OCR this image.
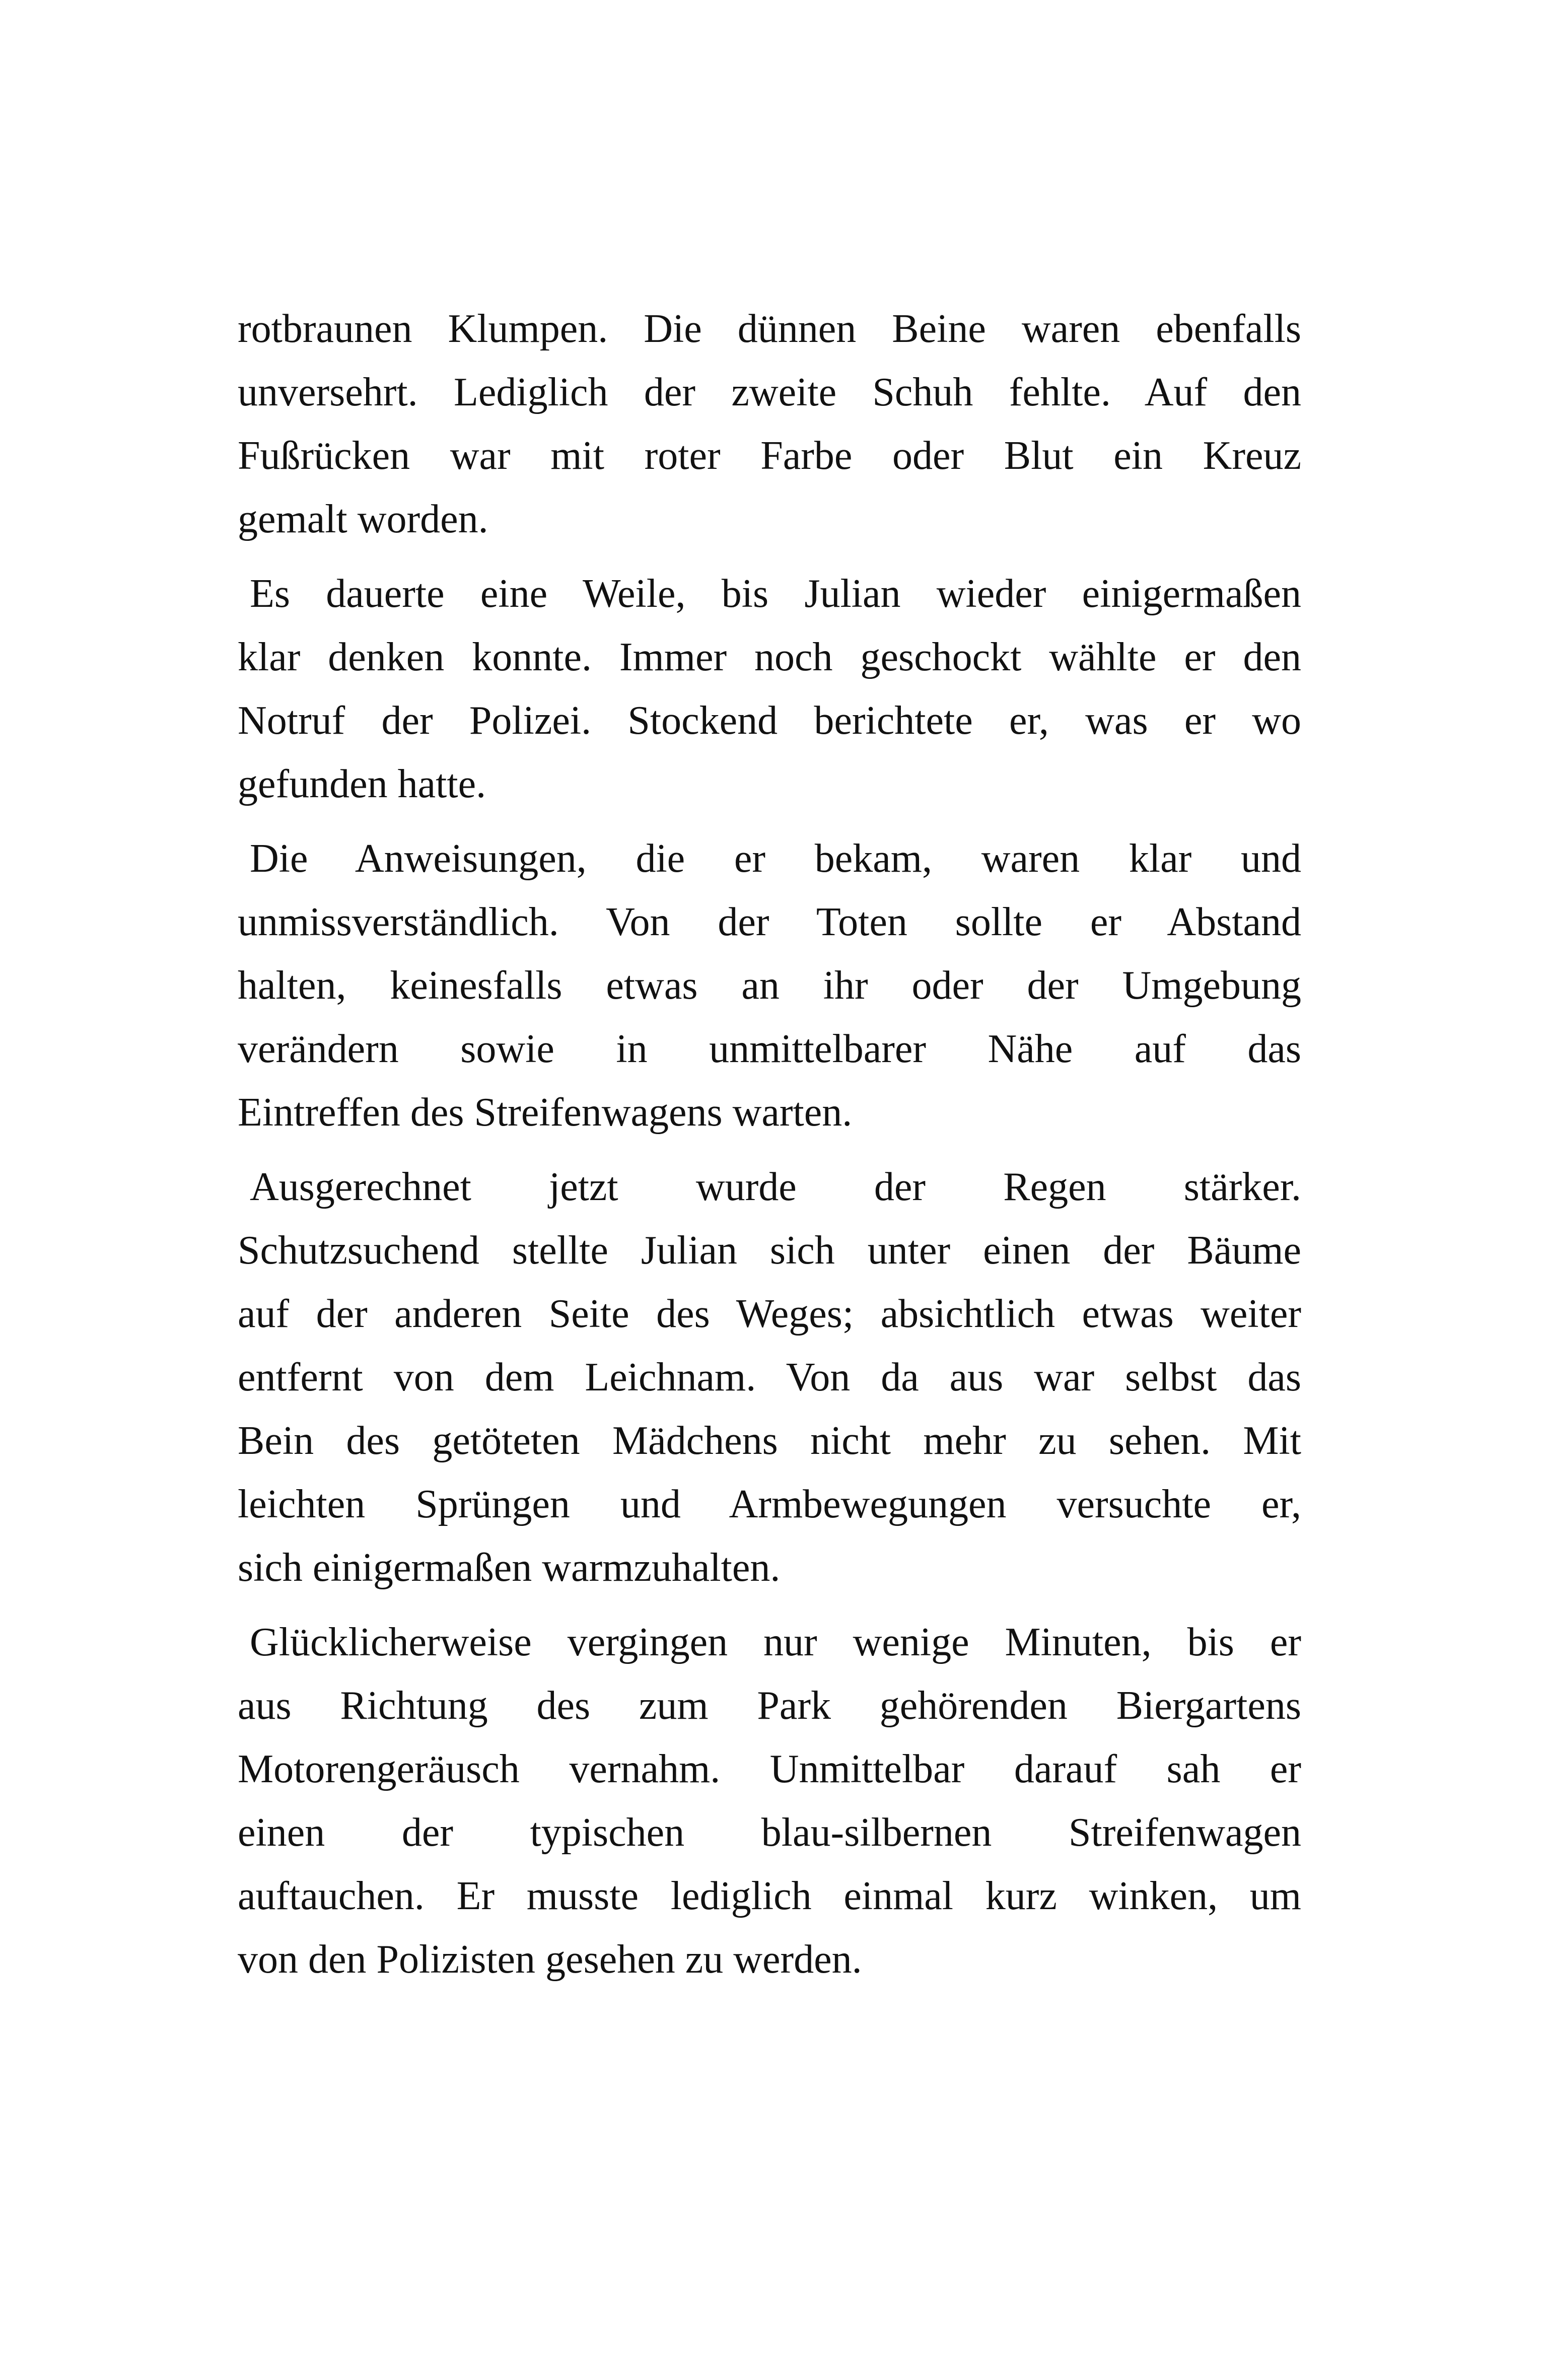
rotbraunen Klumpen. Die dünnen Beine waren ebenfalls
unversehrt. Lediglich der zweite Schuh fehlte. Auf den
Fußrücken war mit roter Farbe oder Blut ein Kreuz
gemalt worden.

Es dauerte eine Weile, bis Julian wieder einigermaßen
klar denken konnte. Immer noch geschockt wählte er den
Notruf der Polizei. Stockend berichtete er, was er wo
gefunden hatte.

Die Anweisungen, die er bekam, waren klar und
unmissverständlich. Von der Toten sollte er Abstand
halten, keinesfalls etwas an ihr oder der Umgebung
verändern sowie in unmittelbarer Nähe auf das
Eintreffen des Streifenwagens warten.

Ausgerechnet jetzt wurde der Regen stärker.
Schutzsuchend stellte Julian sich unter einen der Bäume
auf der anderen Seite des Weges; absichtlich etwas weiter
entfernt von dem Leichnam. Von da aus war selbst das
Bein des getöteten Mädchens nicht mehr zu sehen. Mit
leichten Sprüngen und Armbewegungen versuchte er,
sich einigermaßen warmzuhalten.

Glücklicherweise vergingen nur wenige Minuten, bis er
aus Richtung des zum Park gehörenden Biergartens
Motorengeräusch vernahm. Unmittelbar darauf sah er
einen der typischen blau-silbernen Streifenwagen
auftauchen. Er musste lediglich einmal kurz winken, um
von den Polizisten gesehen zu werden.
